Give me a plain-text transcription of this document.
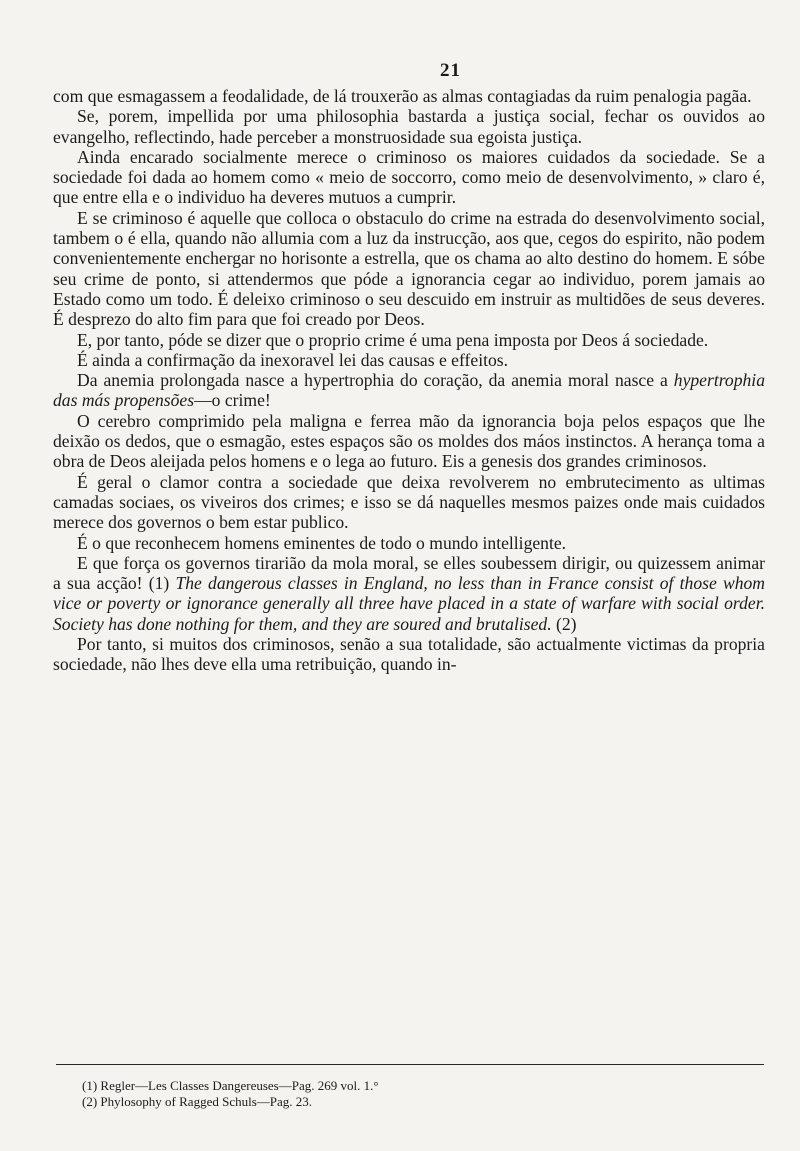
21

com que esmagassem a feodalidade, de lá trouxerão as almas contagiadas da ruim penalogia pagãa.

Se, porem, impellida por uma philosophia bastarda a justiça social, fechar os ouvidos ao evangelho, reflectindo, hade perceber a monstruosidade sua egoista justiça.

Ainda encarado socialmente merece o criminoso os maiores cuidados da sociedade. Se a sociedade foi dada ao homem como « meio de soccorro, como meio de desenvolvimento, » claro é, que entre ella e o individuo ha deveres mutuos a cumprir.

E se criminoso é aquelle que colloca o obstaculo do crime na estrada do desenvolvimento social, tambem o é ella, quando não allumia com a luz da instrucção, aos que, cegos do espirito, não podem convenientemente enchergar no horisonte a estrella, que os chama ao alto destino do homem. E sóbe seu crime de ponto, si attendermos que póde a ignorancia cegar ao individuo, porem jamais ao Estado como um todo. É deleixo criminoso o seu descuido em instruir as multidões de seus deveres. É desprezo do alto fim para que foi creado por Deos.

E, por tanto, póde se dizer que o proprio crime é uma pena imposta por Deos á sociedade.

É ainda a confirmação da inexoravel lei das causas e effeitos.

Da anemia prolongada nasce a hypertrophia do coração, da anemia moral nasce a hypertrophia das más propensões—o crime!

O cerebro comprimido pela maligna e ferrea mão da ignorancia boja pelos espaços que lhe deixão os dedos, que o esmagão, estes espaços são os moldes dos máos instinctos. A herança toma a obra de Deos aleijada pelos homens e o lega ao futuro. Eis a genesis dos grandes criminosos.

É geral o clamor contra a sociedade que deixa revolverem no embrutecimento as ultimas camadas sociaes, os viveiros dos crimes; e isso se dá naquelles mesmos paizes onde mais cuidados merece dos governos o bem estar publico.

É o que reconhecem homens eminentes de todo o mundo intelligente.

E que força os governos tirarião da mola moral, se elles soubessem dirigir, ou quizessem animar a sua acção! (1) The dangerous classes in England, no less than in France consist of those whom vice or poverty or ignorance generally all three have placed in a state of warfare with social order. Society has done nothing for them, and they are soured and brutalised. (2)

Por tanto, si muitos dos criminosos, senão a sua totalidade, são actualmente victimas da propria sociedade, não lhes deve ella uma retribuição, quando in-

(1) Regler—Les Classes Dangereuses—Pag. 269 vol. 1.°
(2) Phylosophy of Ragged Schuls—Pag. 23.
